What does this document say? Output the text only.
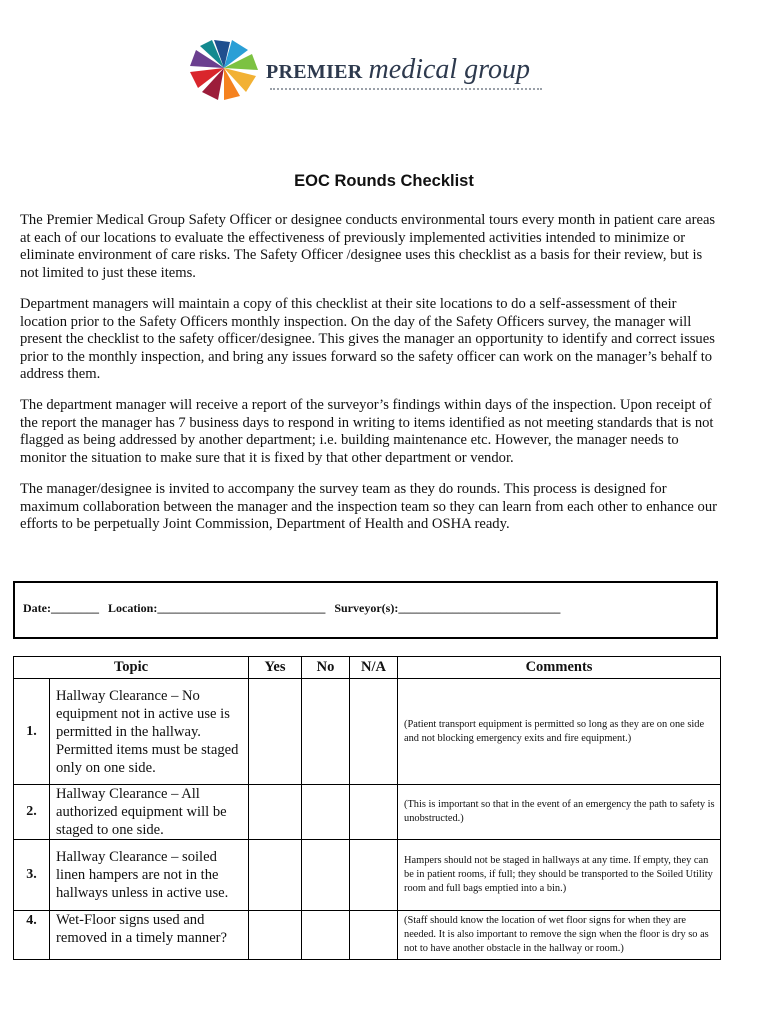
PREMIER medical group
EOC Rounds Checklist

The Premier Medical Group Safety Officer or designee conducts environmental tours every month in patient care areas at each of our locations to evaluate the effectiveness of previously implemented activities intended to minimize or eliminate environment of care risks. The Safety Officer /designee uses this checklist as a basis for their review, but is not limited to just these items.

Department managers will maintain a copy of this checklist at their site locations to do a self-assessment of their location prior to the Safety Officers monthly inspection. On the day of the Safety Officers survey, the manager will present the checklist to the safety officer/designee. This gives the manager an opportunity to identify and correct issues prior to the monthly inspection, and bring any issues forward so the safety officer can work on the manager’s behalf to address them.

The department manager will receive a report of the surveyor’s findings within days of the inspection. Upon receipt of the report the manager has 7 business days to respond in writing to items identified as not meeting standards that is not flagged as being addressed by another department; i.e. building maintenance etc. However, the manager needs to monitor the situation to make sure that it is fixed by that other department or vendor.

The manager/designee is invited to accompany the survey team as they do rounds. This process is designed for maximum collaboration between the manager and the inspection team so they can learn from each other to enhance our efforts to be perpetually Joint Commission, Department of Health and OSHA ready.

Date:________ Location:____________________________ Surveyor(s):___________________________
Topic		Yes	No	N/A	Comments
1.	Hallway Clearance – No equipment not in active use is permitted in the hallway. Permitted items must be staged only on one side.				(Patient transport equipment is permitted so long as they are on one side and not blocking emergency exits and fire equipment.)
2.	Hallway Clearance – All authorized equipment will be staged to one side.				(This is important so that in the event of an emergency the path to safety is unobstructed.)
3.	Hallway Clearance – soiled linen hampers are not in the hallways unless in active use.				Hampers should not be staged in hallways at any time. If empty, they can be in patient rooms, if full; they should be transported to the Soiled Utility room and full bags emptied into a bin.)
4.	Wet-Floor signs used and removed in a timely manner?				(Staff should know the location of wet floor signs for when they are needed. It is also important to remove the sign when the floor is dry so as not to have another obstacle in the hallway or room.)
